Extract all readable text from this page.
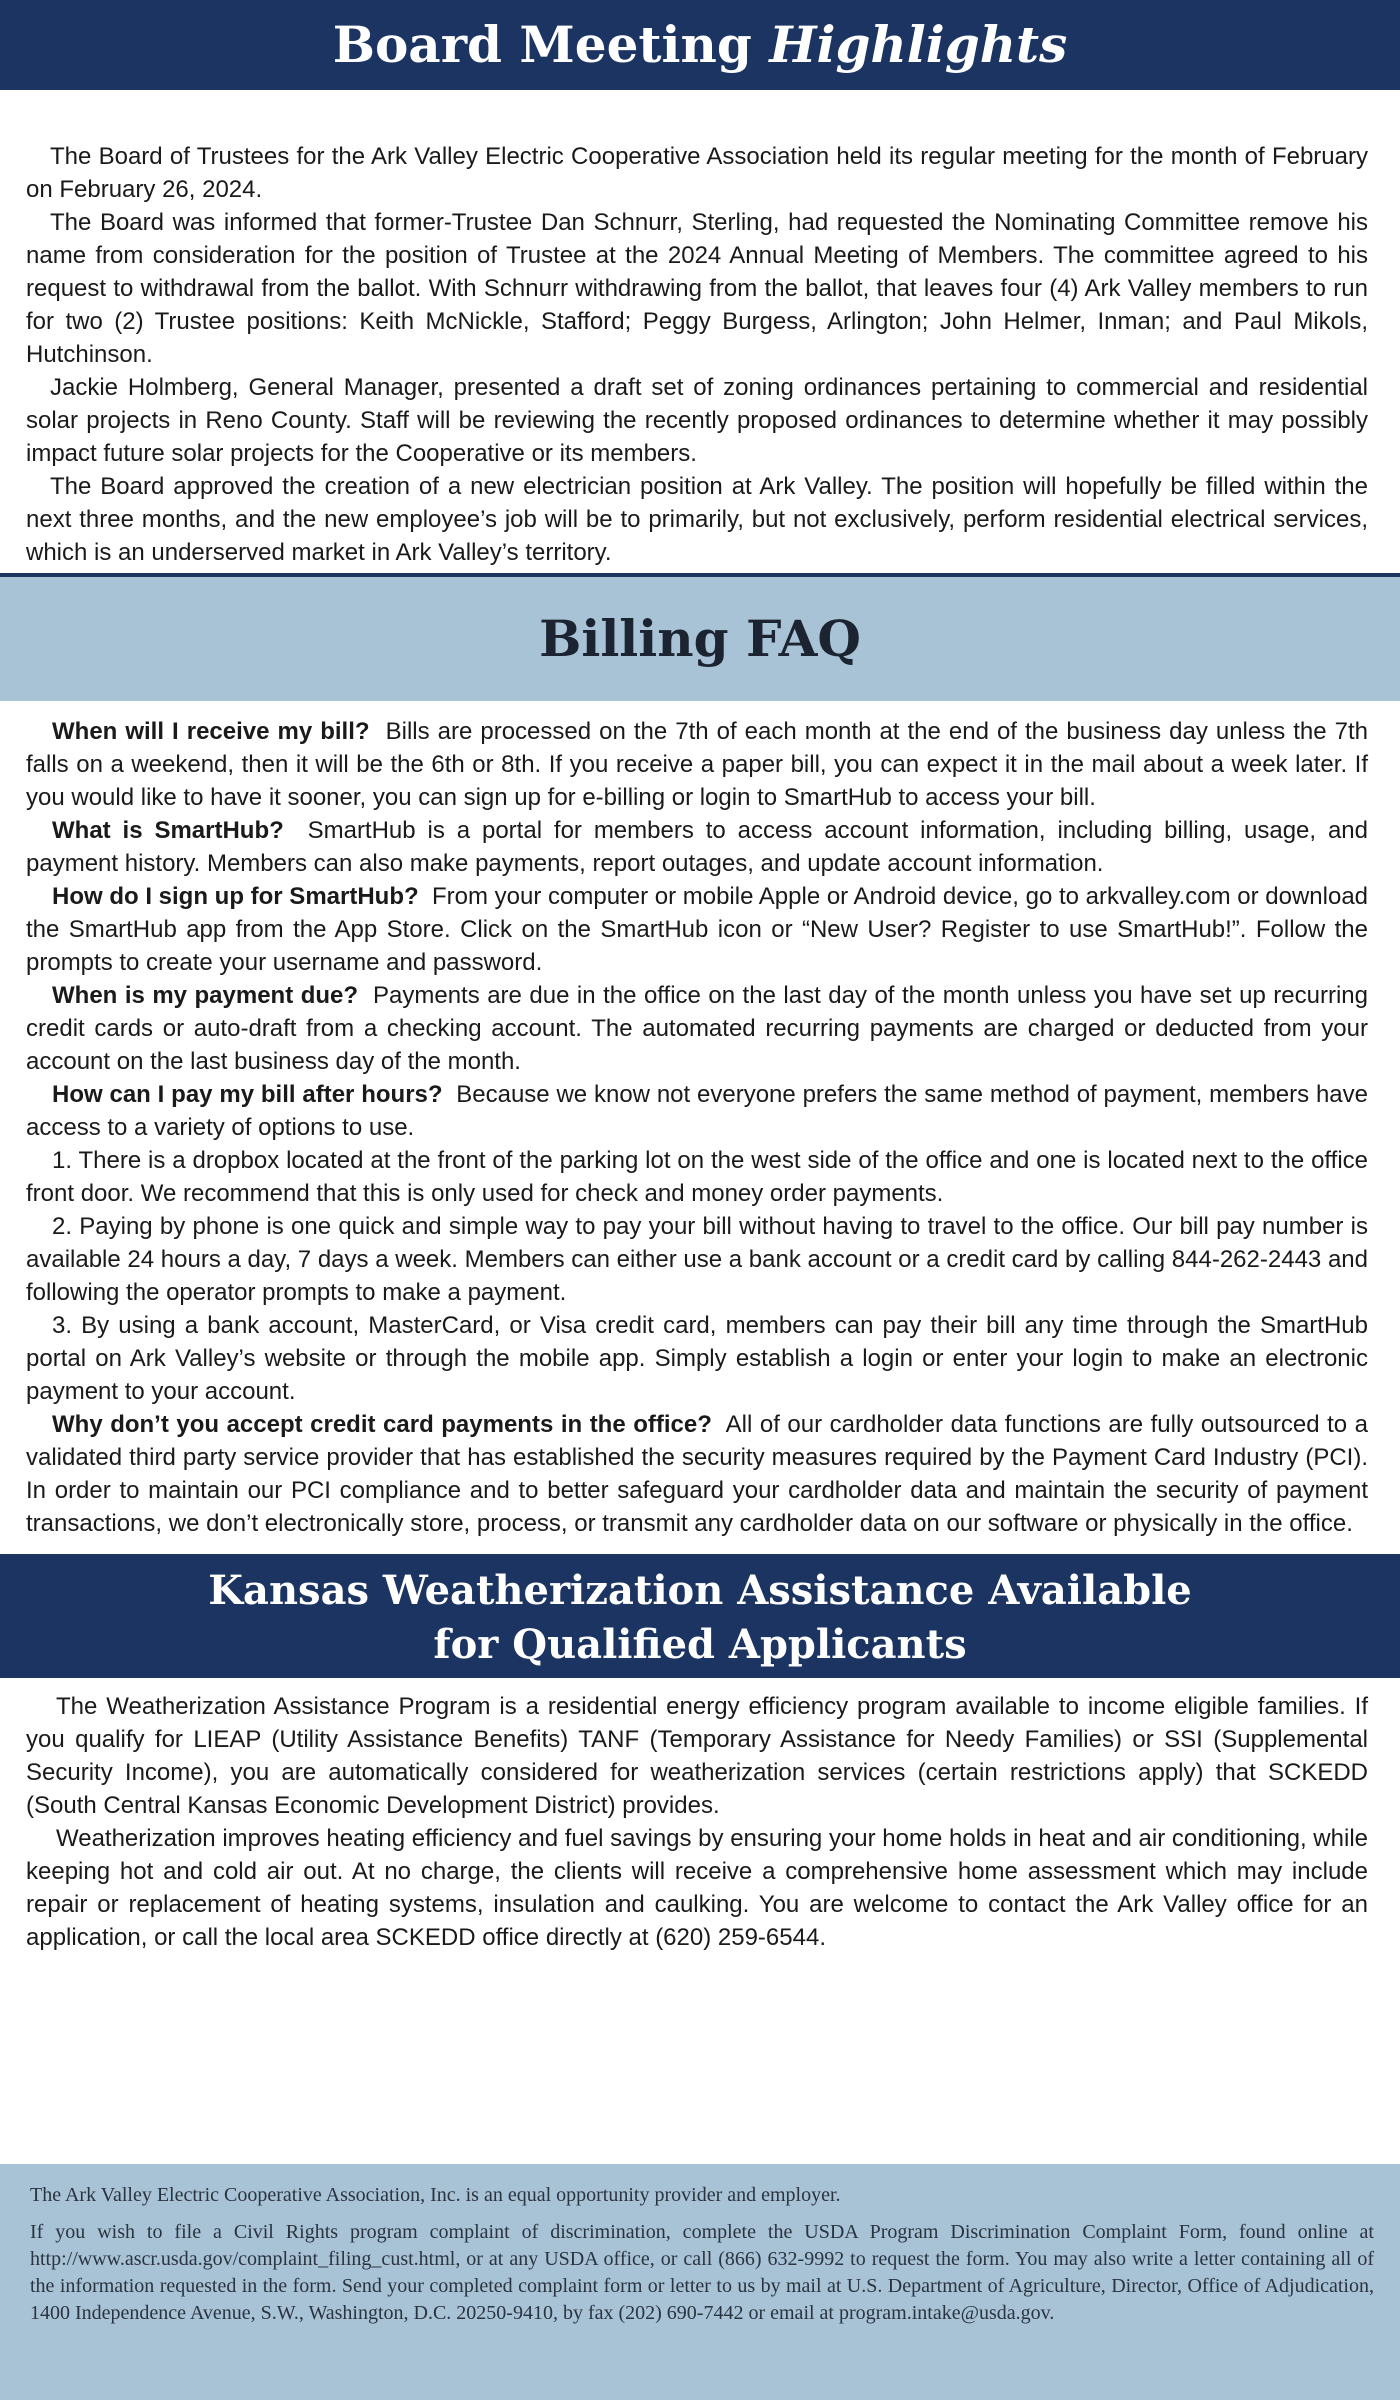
Board Meeting Highlights

The Board of Trustees for the Ark Valley Electric Cooperative Association held its regular meeting for the month of February on February 26, 2024.

The Board was informed that former-Trustee Dan Schnurr, Sterling, had requested the Nominating Committee remove his name from consideration for the position of Trustee at the 2024 Annual Meeting of Members. The committee agreed to his request to withdrawal from the ballot. With Schnurr withdrawing from the ballot, that leaves four (4) Ark Valley members to run for two (2) Trustee positions: Keith McNickle, Stafford; Peggy Burgess, Arlington; John Helmer, Inman; and Paul Mikols, Hutchinson.

Jackie Holmberg, General Manager, presented a draft set of zoning ordinances pertaining to commercial and residential solar projects in Reno County. Staff will be reviewing the recently proposed ordinances to determine whether it may possibly impact future solar projects for the Cooperative or its members.

The Board approved the creation of a new electrician position at Ark Valley. The position will hopefully be filled within the next three months, and the new employee’s job will be to primarily, but not exclusively, perform residential electrical services, which is an underserved market in Ark Valley’s territory.

Billing FAQ

When will I receive my bill? Bills are processed on the 7th of each month at the end of the business day unless the 7th falls on a weekend, then it will be the 6th or 8th. If you receive a paper bill, you can expect it in the mail about a week later. If you would like to have it sooner, you can sign up for e-billing or login to SmartHub to access your bill.

What is SmartHub? SmartHub is a portal for members to access account information, including billing, usage, and payment history. Members can also make payments, report outages, and update account information.

How do I sign up for SmartHub? From your computer or mobile Apple or Android device, go to arkvalley.com or download the SmartHub app from the App Store. Click on the SmartHub icon or “New User? Register to use SmartHub!”. Follow the prompts to create your username and password.

When is my payment due? Payments are due in the office on the last day of the month unless you have set up recurring credit cards or auto-draft from a checking account. The automated recurring payments are charged or deducted from your account on the last business day of the month.

How can I pay my bill after hours? Because we know not everyone prefers the same method of payment, members have access to a variety of options to use.

1. There is a dropbox located at the front of the parking lot on the west side of the office and one is located next to the office front door. We recommend that this is only used for check and money order payments.

2. Paying by phone is one quick and simple way to pay your bill without having to travel to the office. Our bill pay number is available 24 hours a day, 7 days a week. Members can either use a bank account or a credit card by calling 844-262-2443 and following the operator prompts to make a payment.

3. By using a bank account, MasterCard, or Visa credit card, members can pay their bill any time through the SmartHub portal on Ark Valley’s website or through the mobile app. Simply establish a login or enter your login to make an electronic payment to your account.

Why don’t you accept credit card payments in the office? All of our cardholder data functions are fully outsourced to a validated third party service provider that has established the security measures required by the Payment Card Industry (PCI). In order to maintain our PCI compliance and to better safeguard your cardholder data and maintain the security of payment transactions, we don’t electronically store, process, or transmit any cardholder data on our software or physically in the office.

Kansas Weatherization Assistance Available
for Qualified Applicants

The Weatherization Assistance Program is a residential energy efficiency program available to income eligible families. If you qualify for LIEAP (Utility Assistance Benefits) TANF (Temporary Assistance for Needy Families) or SSI (Supplemental Security Income), you are automatically considered for weatherization services (certain restrictions apply) that SCKEDD (South Central Kansas Economic Development District) provides.

Weatherization improves heating efficiency and fuel savings by ensuring your home holds in heat and air conditioning, while keeping hot and cold air out. At no charge, the clients will receive a comprehensive home assessment which may include repair or replacement of heating systems, insulation and caulking. You are welcome to contact the Ark Valley office for an application, or call the local area SCKEDD office directly at (620) 259-6544.

The Ark Valley Electric Cooperative Association, Inc. is an equal opportunity provider and employer.

If you wish to file a Civil Rights program complaint of discrimination, complete the USDA Program Discrimination Complaint Form, found online at http://www.ascr.usda.gov/complaint_filing_cust.html, or at any USDA office, or call (866) 632-9992 to request the form. You may also write a letter containing all of the information requested in the form. Send your completed complaint form or letter to us by mail at U.S. Department of Agriculture, Director, Office of Adjudication, 1400 Independence Avenue, S.W., Washington, D.C. 20250-9410, by fax (202) 690-7442 or email at program.intake@usda.gov.
